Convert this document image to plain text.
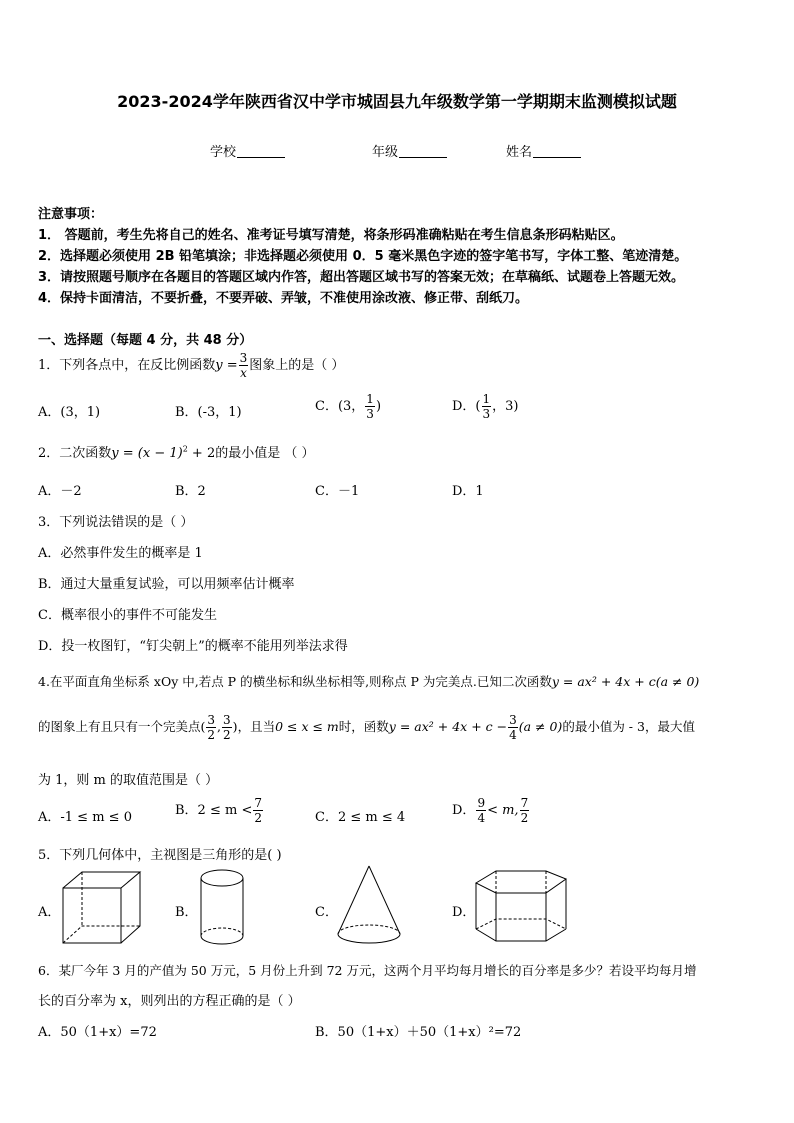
2023-2024学年陕西省汉中学市城固县九年级数学第一学期期末监测模拟试题
学校	年级	姓名
注意事项：
1． 答题前，考生先将自己的姓名、准考证号填写清楚，将条形码准确粘贴在考生信息条形码粘贴区。
2．选择题必须使用 2B 铅笔填涂；非选择题必须使用 0．5 毫米黑色字迹的签字笔书写，字体工整、笔迹清楚。
3．请按照题号顺序在各题目的答题区域内作答，超出答题区域书写的答案无效；在草稿纸、试题卷上答题无效。
4．保持卡面清洁，不要折叠，不要弄破、弄皱，不准使用涂改液、修正带、刮纸刀。
一、选择题（每题 4 分，共 48 分）
1．下列各点中，在反比例函数$y = \frac{3}{x}$ 图象上的是（ ）
A．(3，1)	B．(-3，1)	C．(3， $\frac{1}{3}$ )	D．( $\frac{1}{3}$ ，3)
2．二次函数$y = (x - 1)^2 + 2$的最小值是 （ ）
A．－2	B．2	C．－1	D．1
3．下列说法错误的是（ ）
A．必然事件发生的概率是 1
B．通过大量重复试验，可以用频率估计概率
C．概率很小的事件不可能发生
D．投一枚图钉，“钉尖朝上”的概率不能用列举法求得
4.在平面直角坐标系 xOy 中,若点 P 的横坐标和纵坐标相等,则称点 P 为完美点.已知二次函数y = ax² + 4x + c(a ≠ 0)
的图象上有且只有一个完美点( $\frac{3}{2}$ , $\frac{3}{2}$ )，且当0 ≤ x ≤ m时，函数$y = ax^2 + 4x + c - \frac{3}{4} (a \ne 0)$的最小值为 - 3，最大值
为 1，则 m 的取值范围是（ ）
A．-1 ≤ m ≤ 0	B．$2 \le m < \frac{7}{2}$	C．2 ≤ m ≤ 4	D． $\frac{9}{4} < m$, $\frac{7}{2}$
5．下列几何体中，主视图是三角形的是( )
A．	B．	C．	D．
6．某厂今年 3 月的产值为 50 万元，5 月份上升到 72 万元，这两个月平均每月增长的百分率是多少？若设平均每月增
长的百分率为 x，则列出的方程正确的是（ ）
A．50（1+x）=72	B．50（1+x）＋50（1+x）²=72
